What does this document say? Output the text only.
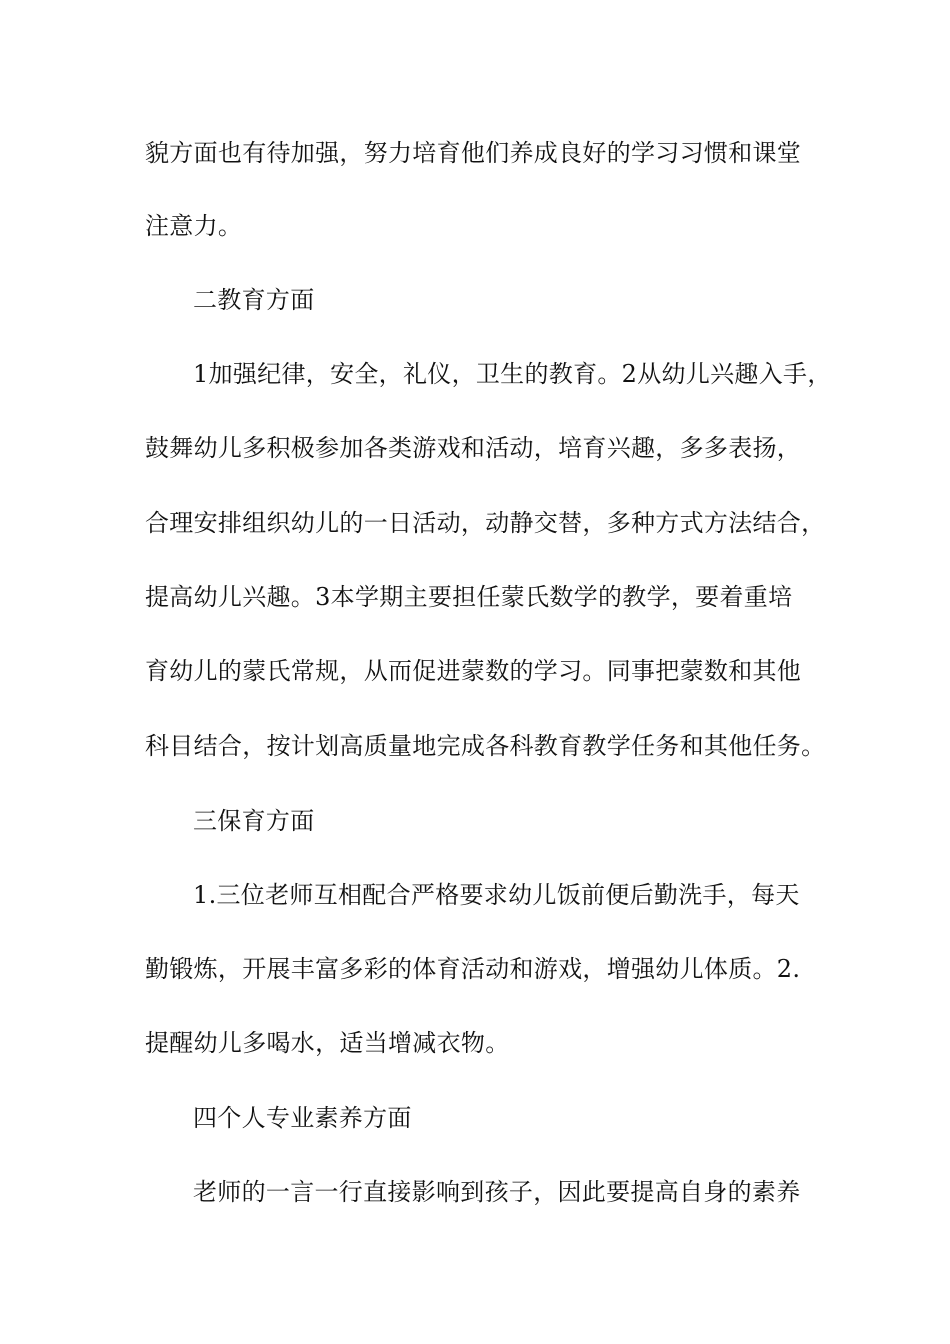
貌方面也有待加强，努力培育他们养成良好的学习习惯和课堂
注意力。
二教育方面
1加强纪律，安全，礼仪，卫生的教育。2从幼儿兴趣入手，
鼓舞幼儿多积极参加各类游戏和活动，培育兴趣，多多表扬，
合理安排组织幼儿的一日活动，动静交替，多种方式方法结合，
提高幼儿兴趣。3本学期主要担任蒙氏数学的教学，要着重培
育幼儿的蒙氏常规，从而促进蒙数的学习。同事把蒙数和其他
科目结合，按计划高质量地完成各科教育教学任务和其他任务。
三保育方面
1.三位老师互相配合严格要求幼儿饭前便后勤洗手，每天
勤锻炼，开展丰富多彩的体育活动和游戏，增强幼儿体质。2.
提醒幼儿多喝水，适当增减衣物。
四个人专业素养方面
老师的一言一行直接影响到孩子，因此要提高自身的素养
